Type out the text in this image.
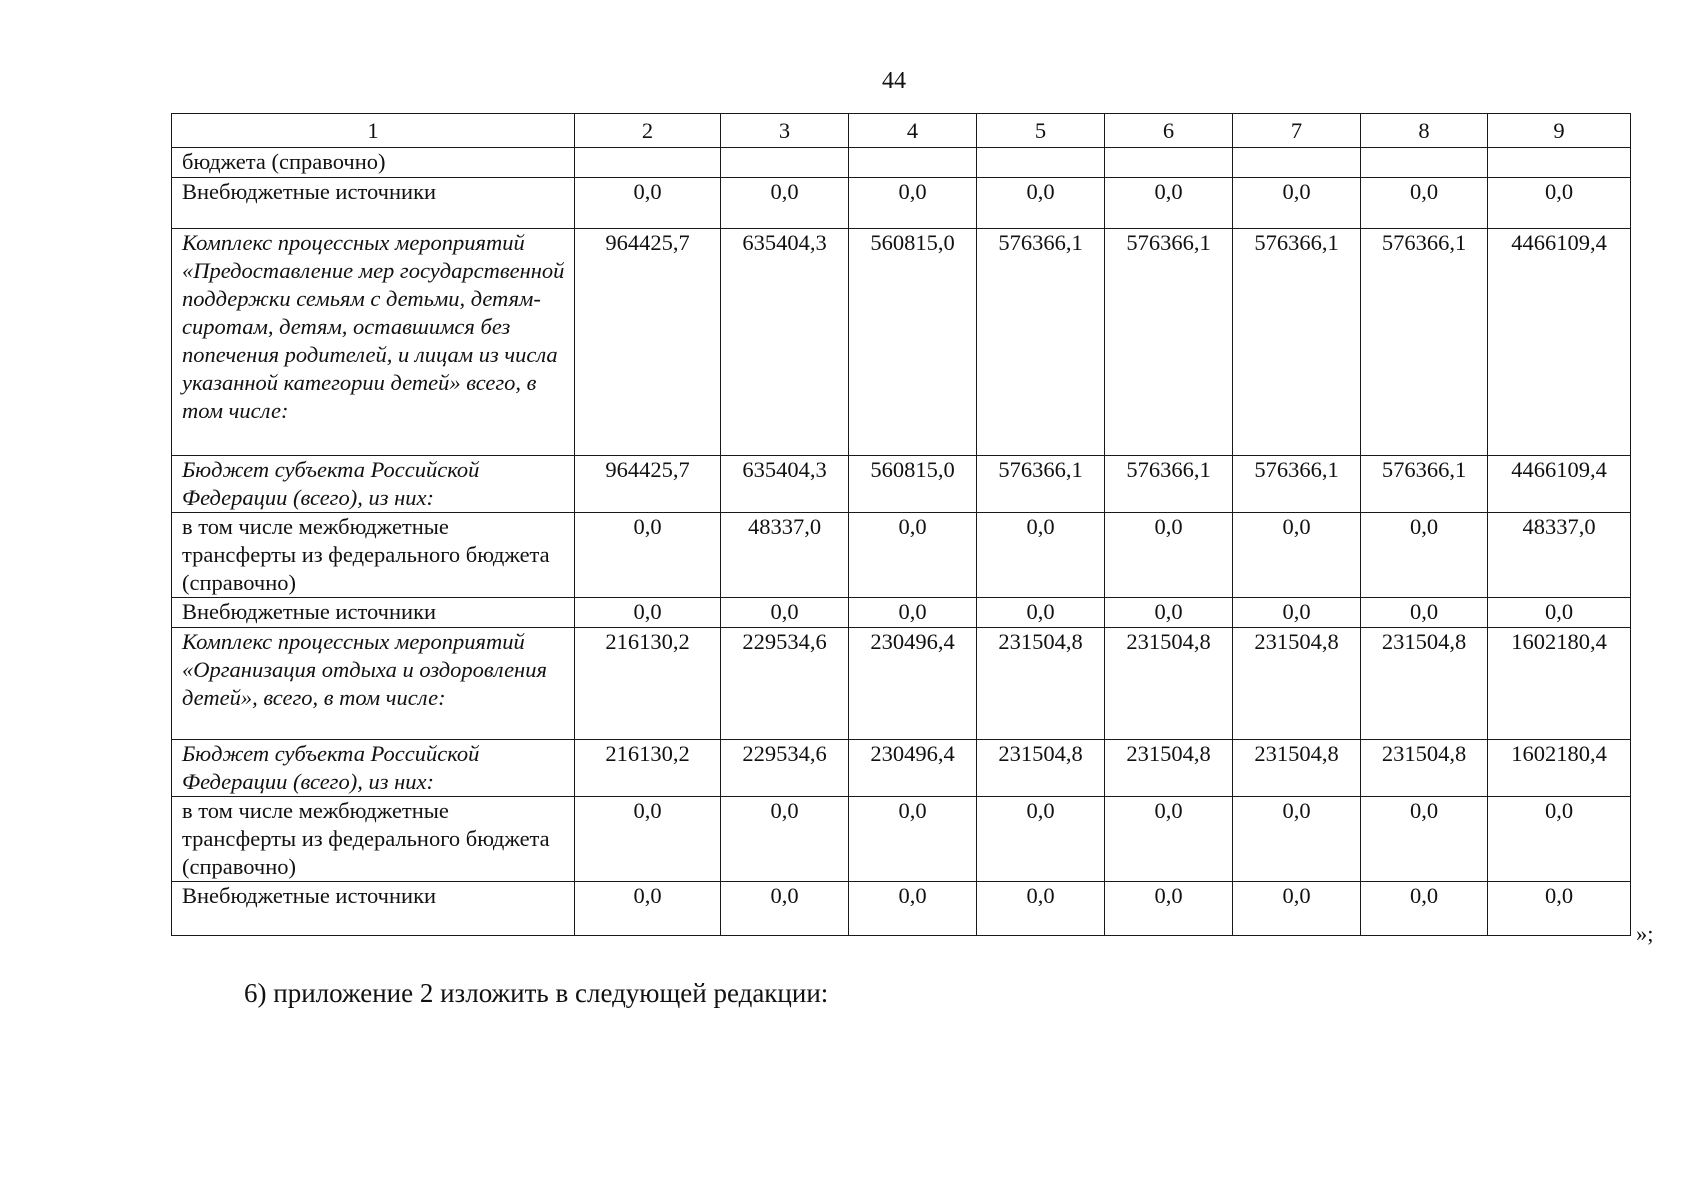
44
1	2	3	4	5	6	7	8	9
бюджета (справочно)								
Внебюджетные источники	0,0	0,0	0,0	0,0	0,0	0,0	0,0	0,0
Комплекс процессных мероприятий «Предоставление мер государственной поддержки семьям с детьми, детям-сиротам, детям, оставшимся без попечения родителей, и лицам из числа указанной категории детей» всего, в том числе:	964425,7	635404,3	560815,0	576366,1	576366,1	576366,1	576366,1	4466109,4
Бюджет субъекта Российской Федерации (всего), из них:	964425,7	635404,3	560815,0	576366,1	576366,1	576366,1	576366,1	4466109,4
в том числе межбюджетные трансферты из федерального бюджета (справочно)	0,0	48337,0	0,0	0,0	0,0	0,0	0,0	48337,0
Внебюджетные источники	0,0	0,0	0,0	0,0	0,0	0,0	0,0	0,0
Комплекс процессных мероприятий «Организация отдыха и оздоровления детей», всего, в том числе:	216130,2	229534,6	230496,4	231504,8	231504,8	231504,8	231504,8	1602180,4
Бюджет субъекта Российской Федерации (всего), из них:	216130,2	229534,6	230496,4	231504,8	231504,8	231504,8	231504,8	1602180,4
в том числе межбюджетные трансферты из федерального бюджета (справочно)	0,0	0,0	0,0	0,0	0,0	0,0	0,0	0,0
Внебюджетные источники	0,0	0,0	0,0	0,0	0,0	0,0	0,0	0,0
»;
6) приложение 2 изложить в следующей редакции:
